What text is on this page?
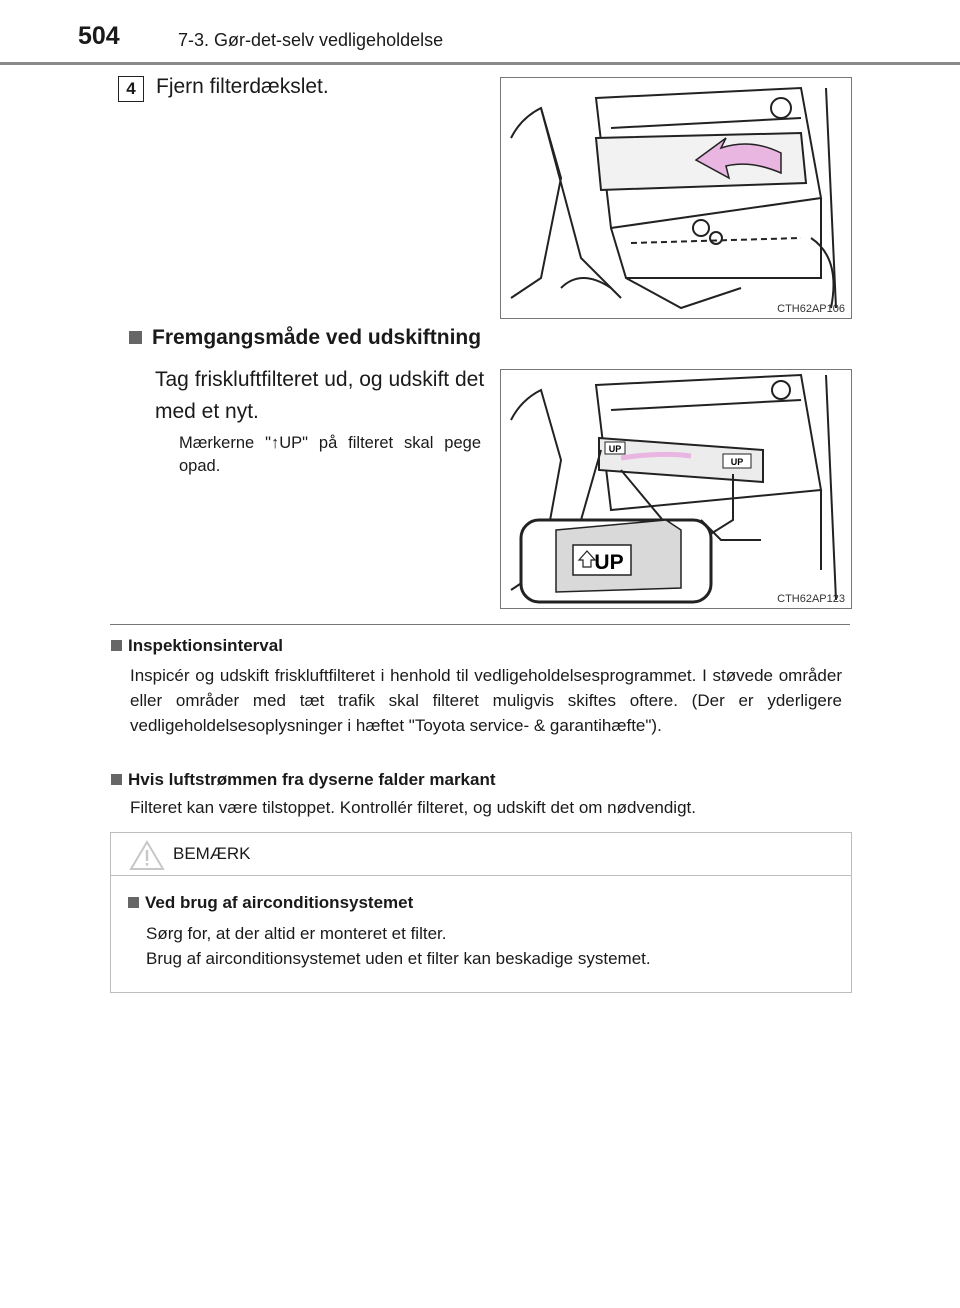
504	7-3. Gør-det-selv vedligeholdelse
4 Fjern filterdækslet.
CTH62AP106
Fremgangsmåde ved udskiftning
Tag friskluftfilteret ud, og udskift det med et nyt.
Mærkerne "↑UP" på filteret skal pege opad.
UP
UP
UP
CTH62AP123
Inspektionsinterval
Inspicér og udskift friskluftfilteret i henhold til vedligeholdelsesprogrammet. I støvede områder eller områder med tæt trafik skal filteret muligvis skiftes oftere. (Der er yderligere vedligeholdelsesoplysninger i hæftet "Toyota service- & garantihæfte").
Hvis luftstrømmen fra dyserne falder markant
Filteret kan være tilstoppet. Kontrollér filteret, og udskift det om nødvendigt.
BEMÆRK
Ved brug af airconditionsystemet
Sørg for, at der altid er monteret et filter.
Brug af airconditionsystemet uden et filter kan beskadige systemet.
